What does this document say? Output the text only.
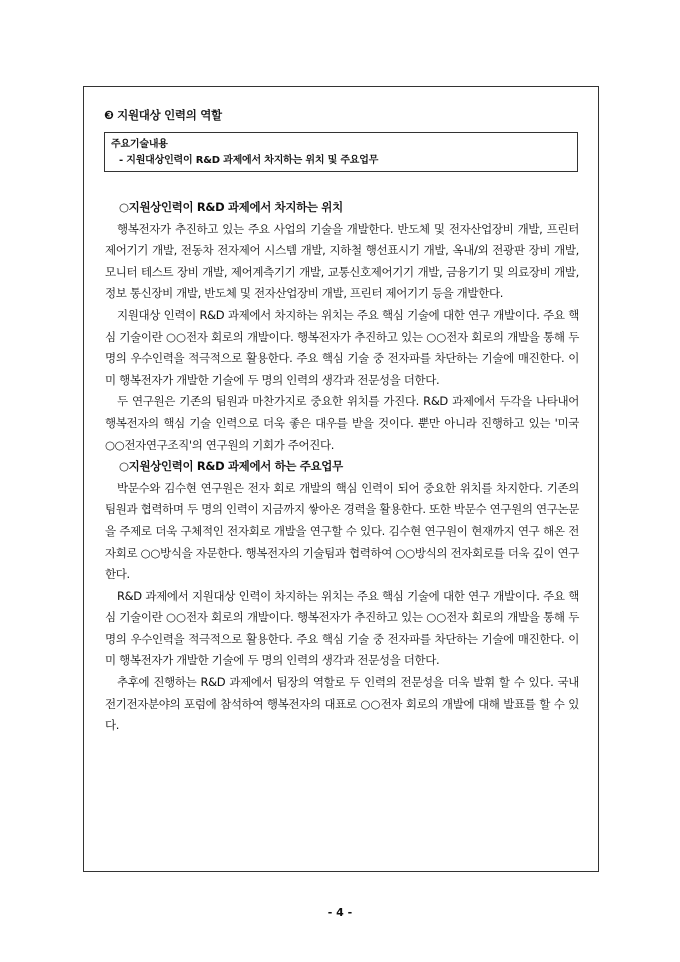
❸ 지원대상 인력의 역할
주요기술내용
- 지원대상인력이 R&D 과제에서 차지하는 위치 및 주요업무
○지원상인력이 R&D 과제에서 차지하는 위치

행복전자가 추진하고 있는 주요 사업의 기술을 개발한다. 반도체 및 전자산업장비 개발, 프린터 제어기기 개발, 전동차 전자제어 시스템 개발, 지하철 행선표시기 개발, 옥내/외 전광판 장비 개발, 모니터 테스트 장비 개발, 제어계측기기 개발, 교통신호제어기기 개발, 금융기기 및 의료장비 개발, 정보 통신장비 개발, 반도체 및 전자산업장비 개발, 프린터 제어기기 등을 개발한다.

지원대상 인력이 R&D 과제에서 차지하는 위치는 주요 핵심 기술에 대한 연구 개발이다. 주요 핵심 기술이란 ○○전자 회로의 개발이다. 행복전자가 추진하고 있는 ○○전자 회로의 개발을 통해 두 명의 우수인력을 적극적으로 활용한다. 주요 핵심 기술 중 전자파를 차단하는 기술에 매진한다. 이미 행복전자가 개발한 기술에 두 명의 인력의 생각과 전문성을 더한다.

두 연구원은 기존의 팀원과 마찬가지로 중요한 위치를 가진다. R&D 과제에서 두각을 나타내어 행복전자의 핵심 기술 인력으로 더욱 좋은 대우를 받을 것이다. 뿐만 아니라 진행하고 있는 '미국 ○○전자연구조직'의 연구원의 기회가 주어진다.

○지원상인력이 R&D 과제에서 하는 주요업무

박문수와 김수현 연구원은 전자 회로 개발의 핵심 인력이 되어 중요한 위치를 차지한다. 기존의 팀원과 협력하며 두 명의 인력이 지금까지 쌓아온 경력을 활용한다. 또한 박문수 연구원의 연구논문을 주제로 더욱 구체적인 전자회로 개발을 연구할 수 있다. 김수현 연구원이 현재까지 연구 해온 전자회로 ○○방식을 자문한다. 행복전자의 기술팀과 협력하여 ○○방식의 전자회로를 더욱 깊이 연구한다.

R&D 과제에서 지원대상 인력이 차지하는 위치는 주요 핵심 기술에 대한 연구 개발이다. 주요 핵심 기술이란 ○○전자 회로의 개발이다. 행복전자가 추진하고 있는 ○○전자 회로의 개발을 통해 두 명의 우수인력을 적극적으로 활용한다. 주요 핵심 기술 중 전자파를 차단하는 기술에 매진한다. 이미 행복전자가 개발한 기술에 두 명의 인력의 생각과 전문성을 더한다.

추후에 진행하는 R&D 과제에서 팀장의 역할로 두 인력의 전문성을 더욱 발휘 할 수 있다. 국내 전기전자분야의 포럼에 참석하여 행복전자의 대표로 ○○전자 회로의 개발에 대해 발표를 할 수 있다.

- 4 -
